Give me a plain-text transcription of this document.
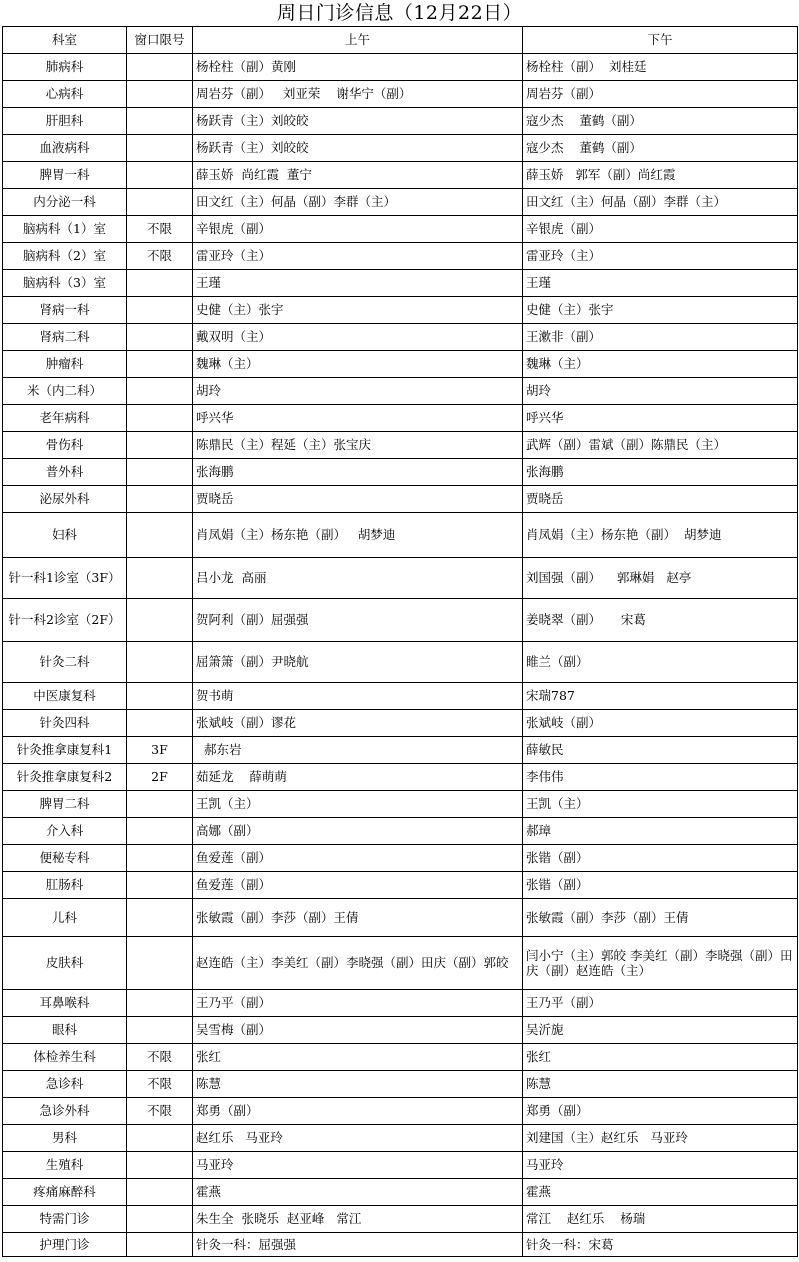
周日门诊信息（12月22日）
科室	窗口限号	上午	下午
肺病科		杨栓柱（副）黄刚	杨栓柱（副）  刘桂廷
心病科		周岩芬（副）   刘亚荣    谢华宁（副）	周岩芬（副）
肝胆科		杨跃青（主）刘皎皎	寇少杰    董鹤（副）
血液病科		杨跃青（主）刘皎皎	寇少杰    董鹤（副）
脾胃一科		薛玉娇  尚红霞  董宁	薛玉娇   郭军（副）尚红霞
内分泌一科		田文红（主）何晶（副）李群（主）	田文红（主）何晶（副）李群（主）
脑病科（1）室	不限	辛银虎（副）	辛银虎（副）
脑病科（2）室	不限	雷亚玲（主）	雷亚玲（主）
脑病科（3）室		王瑾	王瑾
肾病一科		史健（主）张宇	史健（主）张宇
肾病二科		戴双明（主）	王漱非（副）
肿瘤科		魏琳（主）	魏琳（主）
米（内二科）		胡玲	胡玲
老年病科		呼兴华	呼兴华
骨伤科		陈鼎民（主）程延（主）张宝庆	武辉（副）雷斌（副）陈鼎民（主）
普外科		张海鹏	张海鹏
泌尿外科		贾晓岳	贾晓岳
妇科		肖凤娟（主）杨东艳（副）   胡梦迪	肖凤娟（主）杨东艳（副）  胡梦迪
针一科1诊室（3F）		吕小龙  高丽	刘国强（副）    郭琳娟   赵亭
针一科2诊室（2F）		贺阿利（副）屈强强	姜晓翠（副）     宋葛
针灸二科		屈箫箫（副）尹晓航	睢兰（副）
中医康复科		贺书萌	宋瑞787
针灸四科		张斌岐（副）谬花	张斌岐（副）
针灸推拿康复科1	3F	郝东岩	薛敏民
针灸推拿康复科2	2F	茹延龙    薛萌萌	李伟伟
脾胃二科		王凯（主）	王凯（主）
介入科		高娜（副）	郝璋
便秘专科		鱼爱莲（副）	张锴（副）
肛肠科		鱼爱莲（副）	张锴（副）
儿科		张敏霞（副）李莎（副）王倩	张敏霞（副）李莎（副）王倩
皮肤科		赵连皓（主）李美红（副）李晓强（副）田庆（副）郭皎	闫小宁（主）郭皎 李美红（副）李晓强（副）田庆（副）赵连皓（主）
耳鼻喉科		王乃平（副）	王乃平（副）
眼科		吴雪梅（副）	吴沂旎
体检养生科	不限	张红	张红
急诊科	不限	陈慧	陈慧
急诊外科	不限	郑勇（副）	郑勇（副）
男科		赵红乐   马亚玲	刘建国（主）赵红乐   马亚玲
生殖科		马亚玲	马亚玲
疼痛麻醉科		霍燕	霍燕
特需门诊		朱生全  张晓乐  赵亚峰   常江	常江    赵红乐    杨瑞
护理门诊		针灸一科：屈强强	针灸一科：宋葛
